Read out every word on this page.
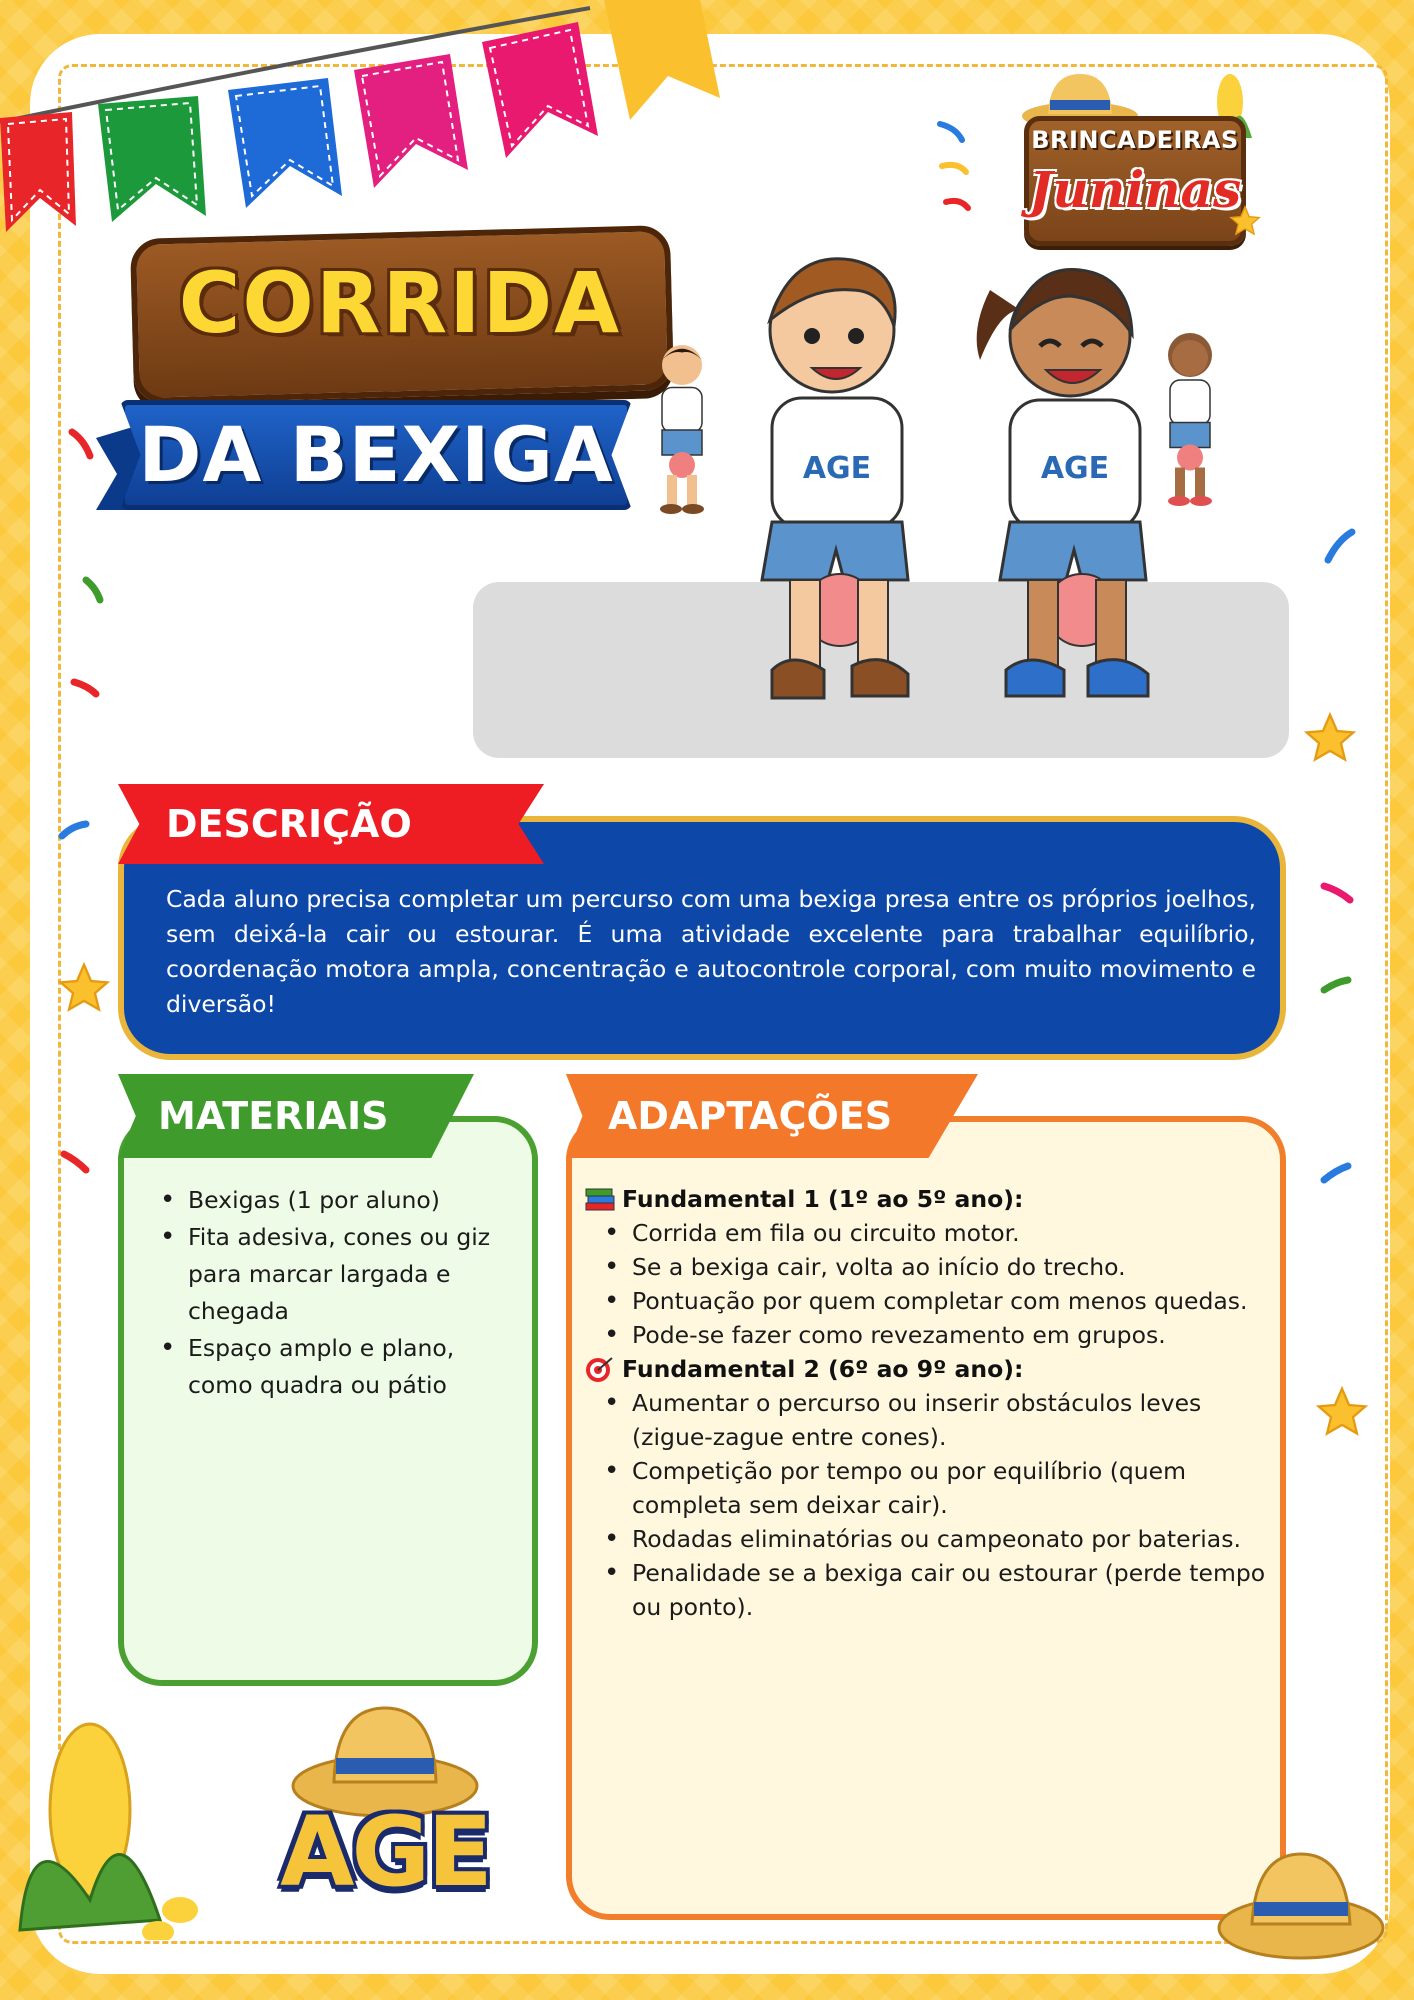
BRINCADEIRAS
Juninas
CORRIDA
DA BEXIGA	AGE	AGE
DESCRIÇÃO

Cada aluno precisa completar um percurso com uma bexiga presa entre os próprios joelhos, sem deixá-la cair ou estourar. É uma atividade excelente para trabalhar equilíbrio, coordenação motora ampla, concentração e autocontrole corporal, com muito movimento e diversão!

MATERIAIS
• Bexigas (1 por aluno)
• Fita adesiva, cones ou giz para marcar largada e chegada
• Espaço amplo e plano, como quadra ou pátio
ADAPTAÇÕES
Fundamental 1 (1º ao 5º ano):
• Corrida em fila ou circuito motor.
• Se a bexiga cair, volta ao início do trecho.
• Pontuação por quem completar com menos quedas.
• Pode-se fazer como revezamento em grupos.
Fundamental 2 (6º ao 9º ano):
• Aumentar o percurso ou inserir obstáculos leves (zigue-zague entre cones).
• Competição por tempo ou por equilíbrio (quem completa sem deixar cair).
• Rodadas eliminatórias ou campeonato por baterias.
• Penalidade se a bexiga cair ou estourar (perde tempo ou ponto).
AGE
